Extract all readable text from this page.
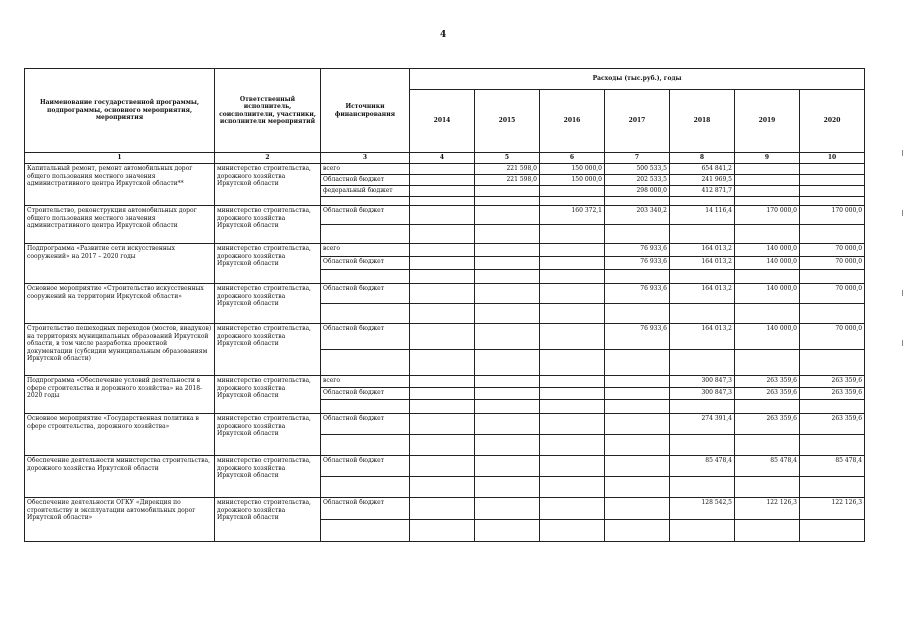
4
Наименование государственной программы, подпрограммы, основного мероприятия, мероприятия	Ответственный исполнитель, соисполнители, участники, исполнители мероприятий	Источники финансирования	Расходы (тыс.руб.), годы						
			2014	2015	2016	2017	2018	2019	2020
1	2	3	4	5	6	7	8	9	10
Капитальный ремонт, ремонт автомобильных дорог общего пользования местного значения административного центра Иркутской области**	министерство строительства, дорожного хозяйства Иркутской области	всего		221 598,0	150 000,0	500 533,5	654 841,2		
		Областной бюджет		221 598,0	150 000,0	202 533,5	241 969,5		
		федеральный бюджет				298 000,0	412 871,7		

Строительство, реконструкция автомобильных дорог общего пользования местного значения административного центра Иркутской области	министерство строительства, дорожного хозяйства Иркутской области	Областной бюджет			160 372,1	203 340,2	14 116,4	170 000,0	170 000,0

Подпрограмма «Развитие сети искусственных сооружений» на 2017 – 2020 годы	министерство строительства, дорожного хозяйства Иркутской области	всего				76 933,6	164 013,2	140 000,0	70 000,0
		Областной бюджет				76 933,6	164 013,2	140 000,0	70 000,0

Основное мероприятие «Строительство искусственных сооружений на территории Иркутской области»	министерство строительства, дорожного хозяйства Иркутской области	Областной бюджет				76 933,6	164 013,2	140 000,0	70 000,0

Строительство пешеходных переходов (мостов, виадуков) на территориях муниципальных образований Иркутской области, в том числе разработка проектной документации (субсидии муниципальным образованиям Иркутской области)	министерство строительства, дорожного хозяйства Иркутской области	Областной бюджет				76 933,6	164 013,2	140 000,0	70 000,0

Подпрограмма «Обеспечение условий деятельности в сфере строительства и дорожного хозяйства» на 2018-2020 годы	министерство строительства, дорожного хозяйства Иркутской области	всего					300 847,3	263 359,6	263 359,6
		Областной бюджет					300 847,3	263 359,6	263 359,6

Основное мероприятие «Государственная политика в сфере строительства, дорожного хозяйства»	министерство строительства, дорожного хозяйства Иркутской области	Областной бюджет					274 391,4	263 359,6	263 359,6

Обеспечение деятельности министерства строительства, дорожного хозяйства Иркутской области	министерство строительства, дорожного хозяйства Иркутской области	Областной бюджет					85 478,4	85 478,4	85 478,4

Обеспечение деятельности ОГКУ «Дирекция по строительству и эксплуатации автомобильных дорог Иркутской области»	министерство строительства, дорожного хозяйства Иркутской области	Областной бюджет					128 542,5	122 126,3	122 126,3
